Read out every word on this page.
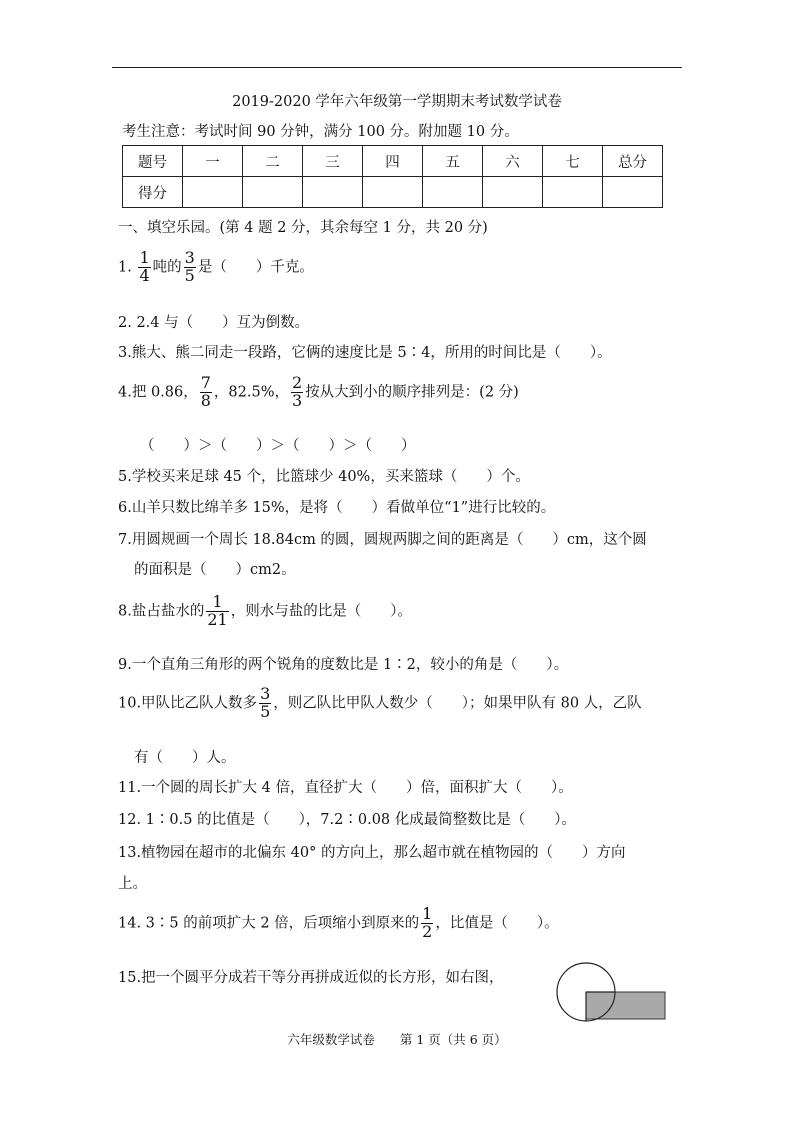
2019-2020 学年六年级第一学期期末考试数学试卷
考生注意：考试时间 90 分钟，满分 100 分。附加题 10 分。
题号	一	二	三	四	五	六	七	总分
得分								
一、填空乐园。(第 4 题 2 分，其余每空 1 分，共 20 分)
1. $\frac{1}{4}$ 吨的 $\frac{3}{5}$ 是（　　）千克。
2. 2.4 与（　　）互为倒数。
3.熊大、熊二同走一段路，它俩的速度比是 5∶4，所用的时间比是（　　）。
4.把 0.86， $\frac{7}{8}$ ，82.5%， $\frac{2}{3}$ 按从大到小的顺序排列是：(2 分)
（　　）＞（　　）＞（　　）＞（　　）
5.学校买来足球 45 个，比篮球少 40%，买来篮球（　　）个。
6.山羊只数比绵羊多 15%，是将（　　）看做单位“1”进行比较的。
7.用圆规画一个周长 18.84cm 的圆，圆规两脚之间的距离是（　　）cm，这个圆
的面积是（　　）cm2。
8.盐占盐水的 $\frac{1}{21}$ ，则水与盐的比是（　　）。
9.一个直角三角形的两个锐角的度数比是 1∶2，较小的角是（　　）。
10.甲队比乙队人数多 $\frac{3}{5}$ ，则乙队比甲队人数少（　　）；如果甲队有 80 人，乙队
有（　　）人。
11.一个圆的周长扩大 4 倍，直径扩大（　　）倍，面积扩大（　　）。
12. 1∶0.5 的比值是（　　），7.2∶0.08 化成最简整数比是（　　）。
13.植物园在超市的北偏东 40° 的方向上，那么超市就在植物园的（　　）方向
上。
14. 3∶5 的前项扩大 2 倍，后项缩小到原来的 $\frac{1}{2}$ ，比值是（　　）。
15.把一个圆平分成若干等分再拼成近似的长方形，如右图，
六年级数学试卷　　第 1 页（共 6 页）
